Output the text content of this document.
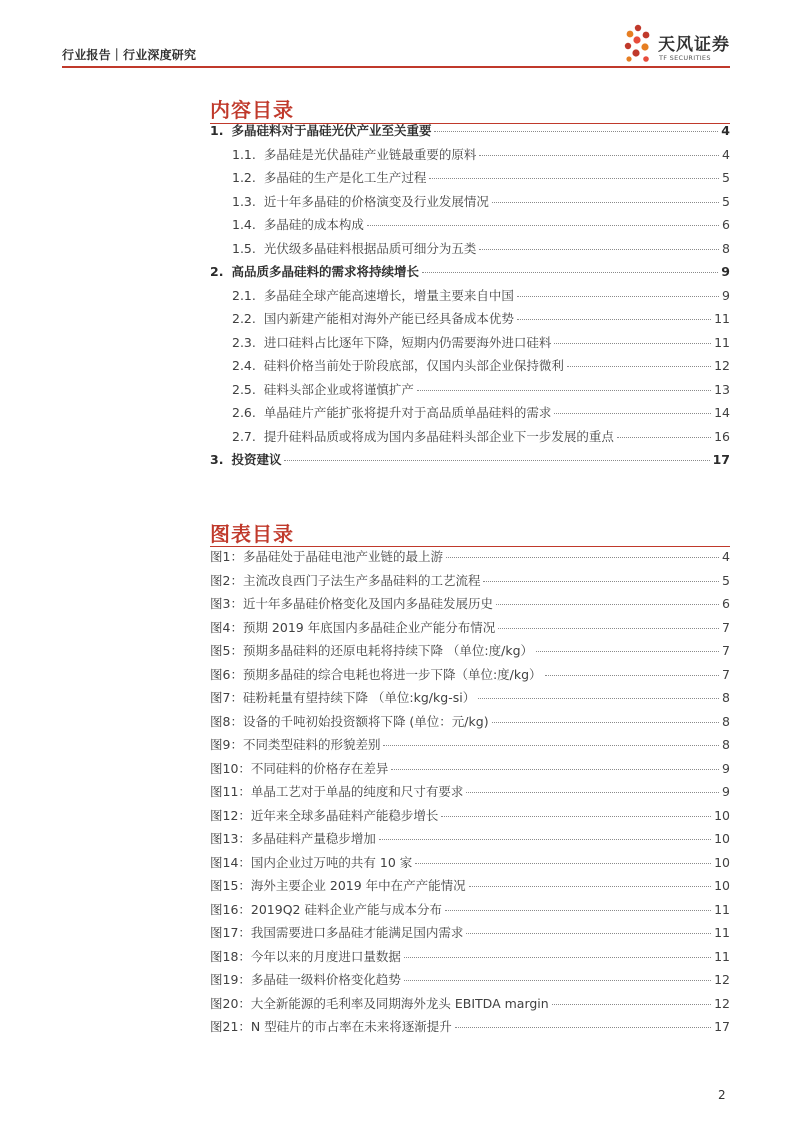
行业报告｜行业深度研究	天风证券
TF SECURITIES
内容目录
1. 多晶硅料对于晶硅光伏产业至关重要	4
1.1. 多晶硅是光伏晶硅产业链最重要的原料	4
1.2. 多晶硅的生产是化工生产过程	5
1.3. 近十年多晶硅的价格演变及行业发展情况	5
1.4. 多晶硅的成本构成	6
1.5. 光伏级多晶硅料根据品质可细分为五类	8
2. 高品质多晶硅料的需求将持续增长	9
2.1. 多晶硅全球产能高速增长，增量主要来自中国	9
2.2. 国内新建产能相对海外产能已经具备成本优势	11
2.3. 进口硅料占比逐年下降，短期内仍需要海外进口硅料	11
2.4. 硅料价格当前处于阶段底部，仅国内头部企业保持微利	12
2.5. 硅料头部企业或将谨慎扩产	13
2.6. 单晶硅片产能扩张将提升对于高品质单晶硅料的需求	14
2.7. 提升硅料品质或将成为国内多晶硅料头部企业下一步发展的重点	16
3. 投资建议	17
图表目录
图1：多晶硅处于晶硅电池产业链的最上游	4
图2：主流改良西门子法生产多晶硅料的工艺流程	5
图3：近十年多晶硅价格变化及国内多晶硅发展历史	6
图4：预期 2019 年底国内多晶硅企业产能分布情况	7
图5：预期多晶硅料的还原电耗将持续下降 （单位:度/kg）	7
图6：预期多晶硅的综合电耗也将进一步下降（单位:度/kg）	7
图7：硅粉耗量有望持续下降 （单位:kg/kg-si）	8
图8：设备的千吨初始投资额将下降 (单位：元/kg)	8
图9：不同类型硅料的形貌差别	8
图10：不同硅料的价格存在差异	9
图11：单晶工艺对于单晶的纯度和尺寸有要求	9
图12：近年来全球多晶硅料产能稳步增长	10
图13：多晶硅料产量稳步增加	10
图14：国内企业过万吨的共有 10 家	10
图15：海外主要企业 2019 年中在产产能情况	10
图16：2019Q2 硅料企业产能与成本分布	11
图17：我国需要进口多晶硅才能满足国内需求	11
图18：今年以来的月度进口量数据	11
图19：多晶硅一级料价格变化趋势	12
图20：大全新能源的毛利率及同期海外龙头 EBITDA margin	12
图21：N 型硅片的市占率在未来将逐渐提升	17
2
